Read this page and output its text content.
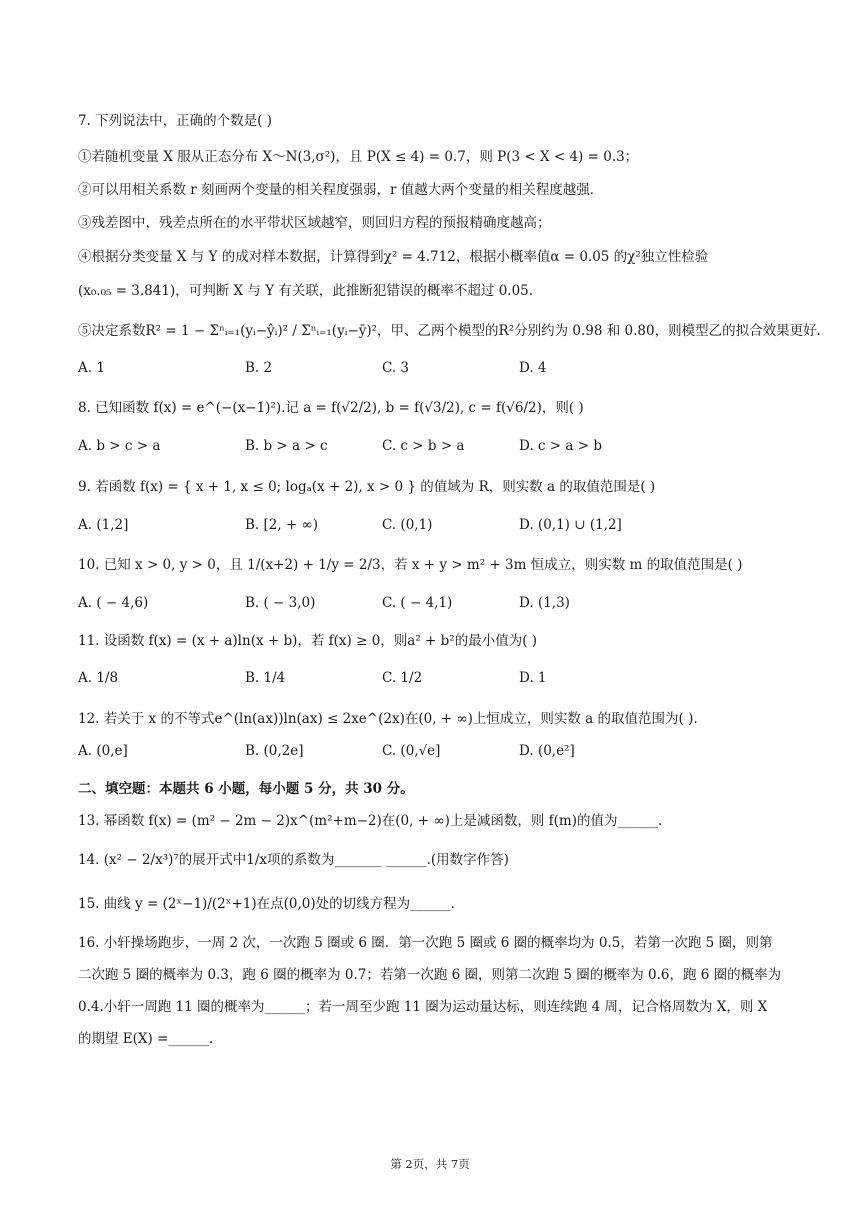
7. 下列说法中，正确的个数是( )
①若随机变量 X 服从正态分布 X～N(3,σ²)，且 P(X ≤ 4) = 0.7，则 P(3 < X < 4) = 0.3；
②可以用相关系数 r 刻画两个变量的相关程度强弱，r 值越大两个变量的相关程度越强．
③残差图中，残差点所在的水平带状区域越窄，则回归方程的预报精确度越高；
④根据分类变量 X 与 Y 的成对样本数据，计算得到χ² = 4.712，根据小概率值α = 0.05 的χ²独立性检验
(x₀.₀₅ = 3.841)，可判断 X 与 Y 有关联，此推断犯错误的概率不超过 0.05.
⑤决定系数R² = 1 − Σⁿᵢ₌₁(yᵢ−ŷᵢ)² / Σⁿᵢ₌₁(yᵢ−ȳ)²，甲、乙两个模型的R²分别约为 0.98 和 0.80，则模型乙的拟合效果更好．
A. 1	B. 2	C. 3	D. 4
8. 已知函数 f(x) = e^(−(x−1)²).记 a = f(√2/2), b = f(√3/2), c = f(√6/2)，则( )
A. b > c > a	B. b > a > c	C. c > b > a	D. c > a > b
9. 若函数 f(x) = { x + 1, x ≤ 0; logₐ(x + 2), x > 0 } 的值域为 R，则实数 a 的取值范围是( )
A. (1,2]	B. [2, + ∞)	C. (0,1)	D. (0,1) ∪ (1,2]
10. 已知 x > 0, y > 0，且 1/(x+2) + 1/y = 2/3，若 x + y > m² + 3m 恒成立，则实数 m 的取值范围是( )
A. ( − 4,6)	B. ( − 3,0)	C. ( − 4,1)	D. (1,3)
11. 设函数 f(x) = (x + a)ln(x + b)，若 f(x) ≥ 0，则a² + b²的最小值为( )
A. 1/8	B. 1/4	C. 1/2	D. 1
12. 若关于 x 的不等式e^(ln(ax))ln(ax) ≤ 2xe^(2x)在(0, + ∞)上恒成立，则实数 a 的取值范围为( ).
A. (0,e]	B. (0,2e]	C. (0,√e]	D. (0,e²]
二、填空题：本题共 6 小题，每小题 5 分，共 30 分。
13. 幂函数 f(x) = (m² − 2m − 2)x^(m²+m−2)在(0, + ∞)上是减函数，则 f(m)的值为______.
14. (x² − 2/x³)⁷的展开式中1/x项的系数为_______ ______.(用数字作答)
15. 曲线 y = (2ˣ−1)/(2ˣ+1)在点(0,0)处的切线方程为______.
16. 小轩操场跑步，一周 2 次，一次跑 5 圈或 6 圈．第一次跑 5 圈或 6 圈的概率均为 0.5，若第一次跑 5 圈，则第二次跑 5 圈的概率为 0.3，跑 6 圈的概率为 0.7；若第一次跑 6 圈，则第二次跑 5 圈的概率为 0.6，跑 6 圈的概率为 0.4.小轩一周跑 11 圈的概率为______；若一周至少跑 11 圈为运动量达标，则连续跑 4 周，记合格周数为 X，则 X 的期望 E(X) =______.
第 2页，共 7页
